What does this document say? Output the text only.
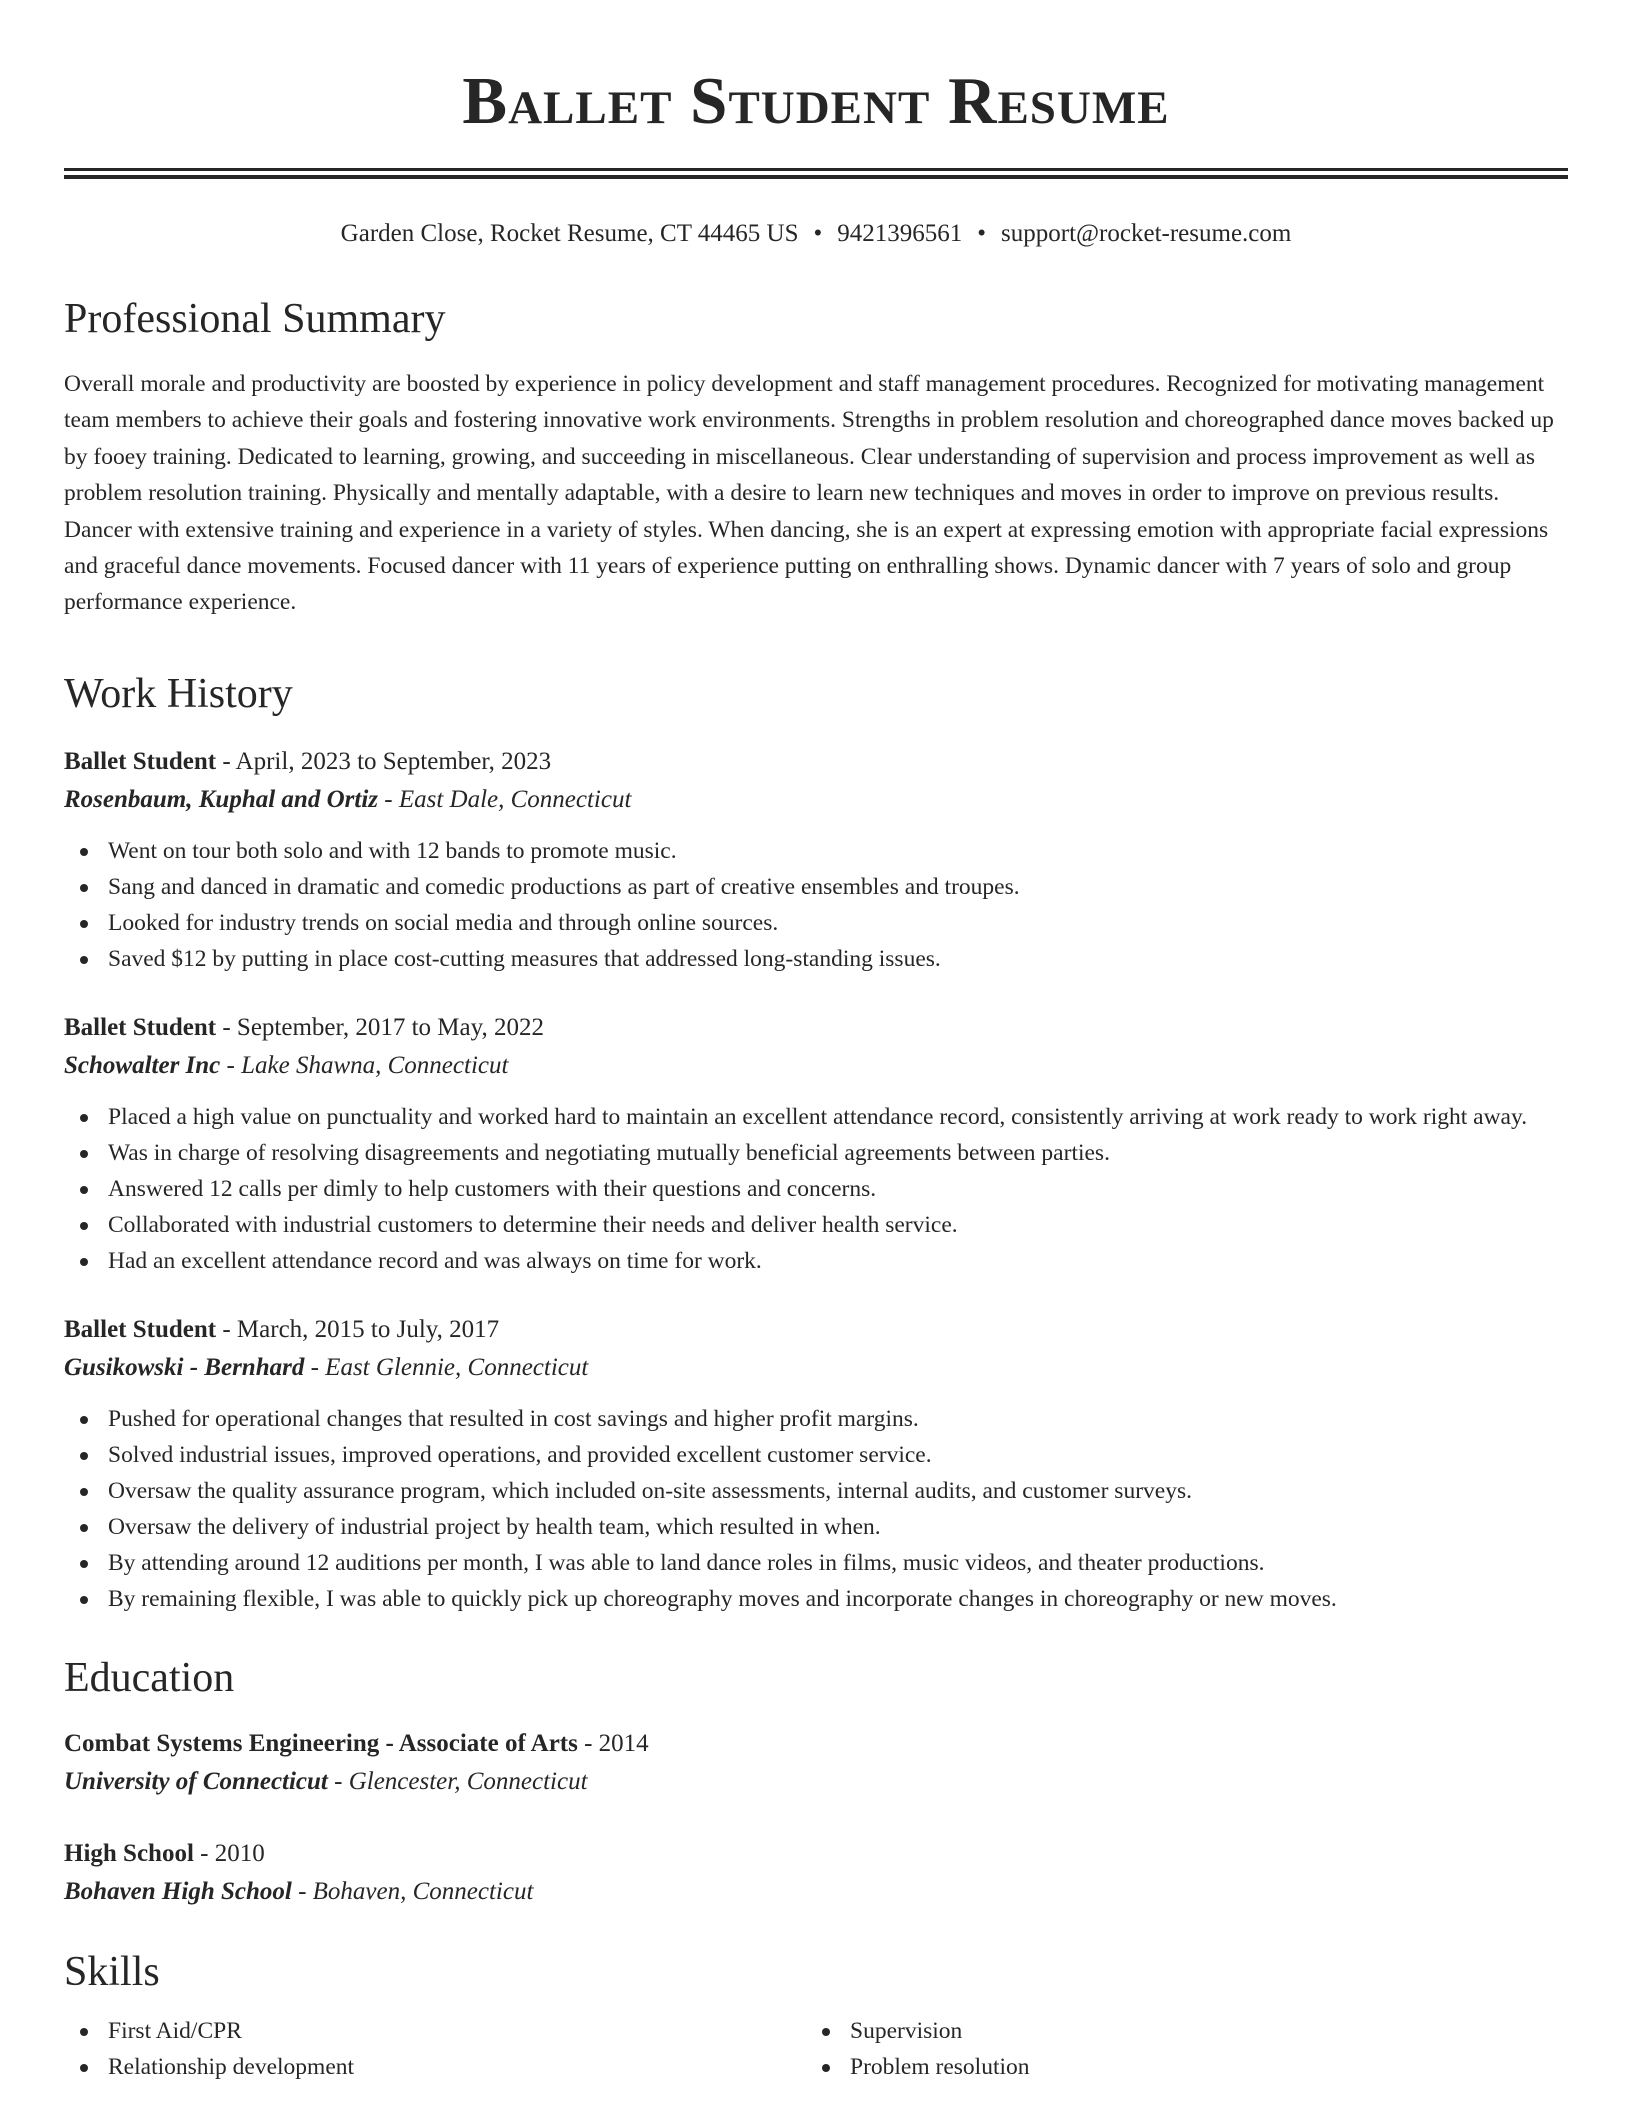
Ballet Student Resume
Garden Close, Rocket Resume, CT 44465 US • 9421396561 • support@rocket-resume.com
Professional Summary

Overall morale and productivity are boosted by experience in policy development and staff management procedures. Recognized for motivating management team members to achieve their goals and fostering innovative work environments. Strengths in problem resolution and choreographed dance moves backed up by fooey training. Dedicated to learning, growing, and succeeding in miscellaneous. Clear understanding of supervision and process improvement as well as problem resolution training. Physically and mentally adaptable, with a desire to learn new techniques and moves in order to improve on previous results. Dancer with extensive training and experience in a variety of styles. When dancing, she is an expert at expressing emotion with appropriate facial expressions and graceful dance movements. Focused dancer with 11 years of experience putting on enthralling shows. Dynamic dancer with 7 years of solo and group performance experience.

Work History
Ballet Student - April, 2023 to September, 2023
Rosenbaum, Kuphal and Ortiz - East Dale, Connecticut
Went on tour both solo and with 12 bands to promote music.
Sang and danced in dramatic and comedic productions as part of creative ensembles and troupes.
Looked for industry trends on social media and through online sources.
Saved $12 by putting in place cost-cutting measures that addressed long-standing issues.
Ballet Student - September, 2017 to May, 2022
Schowalter Inc - Lake Shawna, Connecticut
Placed a high value on punctuality and worked hard to maintain an excellent attendance record, consistently arriving at work ready to work right away.
Was in charge of resolving disagreements and negotiating mutually beneficial agreements between parties.
Answered 12 calls per dimly to help customers with their questions and concerns.
Collaborated with industrial customers to determine their needs and deliver health service.
Had an excellent attendance record and was always on time for work.
Ballet Student - March, 2015 to July, 2017
Gusikowski - Bernhard - East Glennie, Connecticut
Pushed for operational changes that resulted in cost savings and higher profit margins.
Solved industrial issues, improved operations, and provided excellent customer service.
Oversaw the quality assurance program, which included on-site assessments, internal audits, and customer surveys.
Oversaw the delivery of industrial project by health team, which resulted in when.
By attending around 12 auditions per month, I was able to land dance roles in films, music videos, and theater productions.
By remaining flexible, I was able to quickly pick up choreography moves and incorporate changes in choreography or new moves.
Education
Combat Systems Engineering - Associate of Arts - 2014
University of Connecticut - Glencester, Connecticut
High School - 2010
Bohaven High School - Bohaven, Connecticut
Skills
First Aid/CPR
Relationship development
Supervision
Problem resolution
